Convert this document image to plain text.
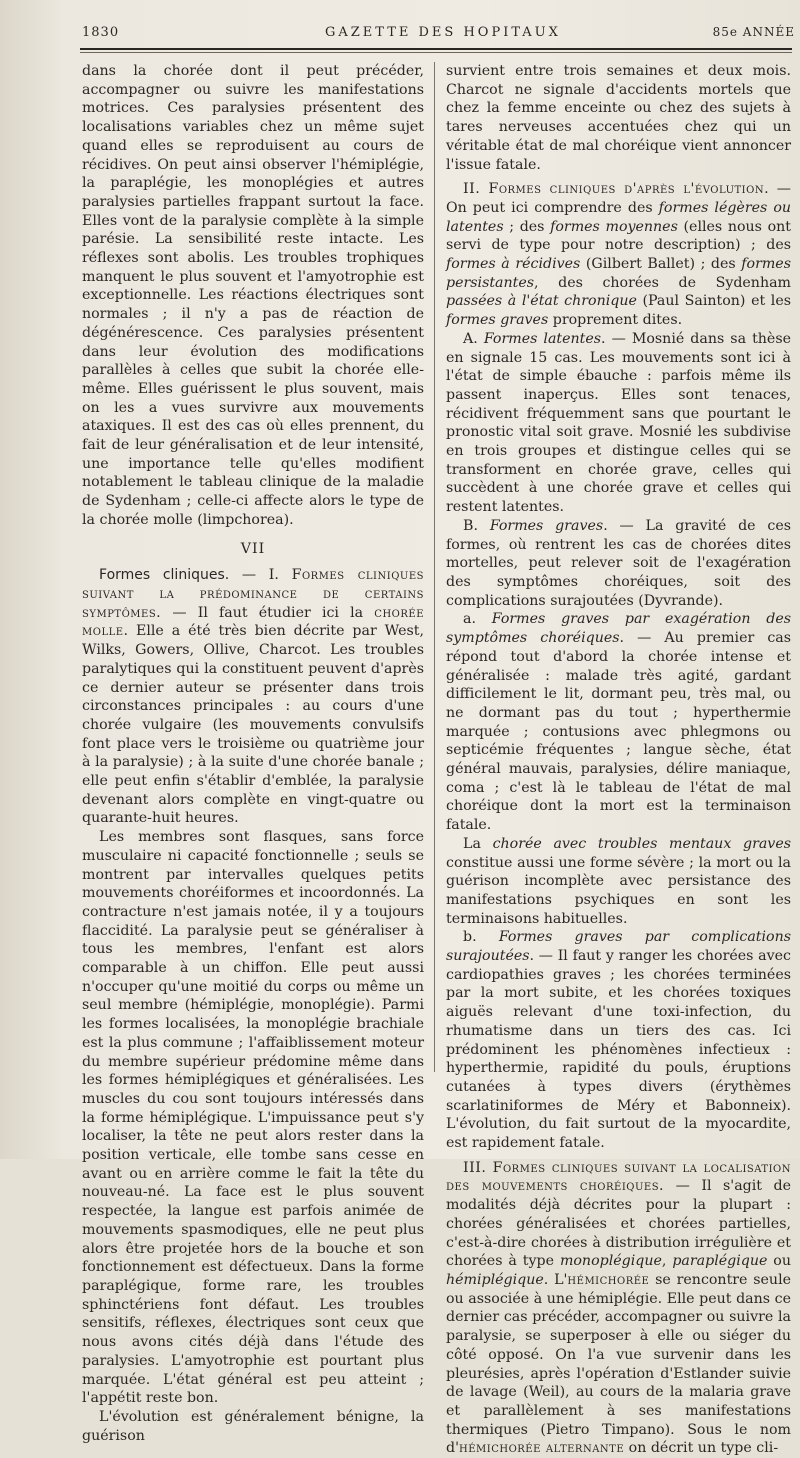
1830	GAZETTE DES HOPITAUX	85e ANNÉE

dans la chorée dont il peut précéder, accompagner ou suivre les manifestations motrices. Ces paralysies présentent des localisations variables chez un même sujet quand elles se reproduisent au cours de récidives. On peut ainsi observer l'hémiplégie, la paraplégie, les monoplégies et autres paralysies partielles frappant surtout la face. Elles vont de la paralysie complète à la simple parésie. La sensibilité reste intacte. Les réflexes sont abolis. Les troubles trophiques manquent le plus souvent et l'amyotrophie est exceptionnelle. Les réactions électriques sont normales ; il n'y a pas de réaction de dégénérescence. Ces paralysies présentent dans leur évolution des modifications parallèles à celles que subit la chorée elle-même. Elles guérissent le plus souvent, mais on les a vues survivre aux mouvements ataxiques. Il est des cas où elles prennent, du fait de leur généralisation et de leur intensité, une importance telle qu'elles modifient notablement le tableau clinique de la maladie de Sydenham ; celle-ci affecte alors le type de la chorée molle (limpchorea).

VII

Formes cliniques. — I. Formes cliniques suivant la prédominance de certains symptômes. — Il faut étudier ici la chorée molle. Elle a été très bien décrite par West, Wilks, Gowers, Ollive, Charcot. Les troubles paralytiques qui la constituent peuvent d'après ce dernier auteur se présenter dans trois circonstances principales : au cours d'une chorée vulgaire (les mouvements convulsifs font place vers le troisième ou quatrième jour à la paralysie) ; à la suite d'une chorée banale ; elle peut enfin s'établir d'emblée, la paralysie devenant alors complète en vingt-quatre ou quarante-huit heures.

Les membres sont flasques, sans force musculaire ni capacité fonctionnelle ; seuls se montrent par intervalles quelques petits mouvements choréiformes et incoordonnés. La contracture n'est jamais notée, il y a toujours flaccidité. La paralysie peut se généraliser à tous les membres, l'enfant est alors comparable à un chiffon. Elle peut aussi n'occuper qu'une moitié du corps ou même un seul membre (hémiplégie, monoplégie). Parmi les formes localisées, la monoplégie brachiale est la plus commune ; l'affaiblissement moteur du membre supérieur prédomine même dans les formes hémiplégiques et généralisées. Les muscles du cou sont toujours intéressés dans la forme hémiplégique. L'impuissance peut s'y localiser, la tête ne peut alors rester dans la position verticale, elle tombe sans cesse en avant ou en arrière comme le fait la tête du nouveau-né. La face est le plus souvent respectée, la langue est parfois animée de mouvements spasmodiques, elle ne peut plus alors être projetée hors de la bouche et son fonctionnement est défectueux. Dans la forme paraplégique, forme rare, les troubles sphinctériens font défaut. Les troubles sensitifs, réflexes, électriques sont ceux que nous avons cités déjà dans l'étude des paralysies. L'amyotrophie est pourtant plus marquée. L'état général est peu atteint ; l'appétit reste bon.

L'évolution est généralement bénigne, la guérison

survient entre trois semaines et deux mois. Charcot ne signale d'accidents mortels que chez la femme enceinte ou chez des sujets à tares nerveuses accentuées chez qui un véritable état de mal choréique vient annoncer l'issue fatale.

II. Formes cliniques d'après l'évolution. — On peut ici comprendre des formes légères ou latentes ; des formes moyennes (elles nous ont servi de type pour notre description) ; des formes à récidives (Gilbert Ballet) ; des formes persistantes, des chorées de Sydenham passées à l'état chronique (Paul Sainton) et les formes graves proprement dites.

A. Formes latentes. — Mosnié dans sa thèse en signale 15 cas. Les mouvements sont ici à l'état de simple ébauche : parfois même ils passent inaperçus. Elles sont tenaces, récidivent fréquemment sans que pourtant le pronostic vital soit grave. Mosnié les subdivise en trois groupes et distingue celles qui se transforment en chorée grave, celles qui succèdent à une chorée grave et celles qui restent latentes.

B. Formes graves. — La gravité de ces formes, où rentrent les cas de chorées dites mortelles, peut relever soit de l'exagération des symptômes choréiques, soit des complications surajoutées (Dyvrande).

a. Formes graves par exagération des symptômes choréiques. — Au premier cas répond tout d'abord la chorée intense et généralisée : malade très agité, gardant difficilement le lit, dormant peu, très mal, ou ne dormant pas du tout ; hyperthermie marquée ; contusions avec phlegmons ou septicémie fréquentes ; langue sèche, état général mauvais, paralysies, délire maniaque, coma ; c'est là le tableau de l'état de mal choréique dont la mort est la terminaison fatale.

La chorée avec troubles mentaux graves constitue aussi une forme sévère ; la mort ou la guérison incomplète avec persistance des manifestations psychiques en sont les terminaisons habituelles.

b. Formes graves par complications surajoutées. — Il faut y ranger les chorées avec cardiopathies graves ; les chorées terminées par la mort subite, et les chorées toxiques aiguës relevant d'une toxi-infection, du rhumatisme dans un tiers des cas. Ici prédominent les phénomènes infectieux : hyperthermie, rapidité du pouls, éruptions cutanées à types divers (érythèmes scarlatiniformes de Méry et Babonneix). L'évolution, du fait surtout de la myocardite, est rapidement fatale.

III. Formes cliniques suivant la localisation des mouvements choréiques. — Il s'agit de modalités déjà décrites pour la plupart : chorées généralisées et chorées partielles, c'est-à-dire chorées à distribution irrégulière et chorées à type monoplégique, paraplégique ou hémiplégique. L'hémichorée se rencontre seule ou associée à une hémiplégie. Elle peut dans ce dernier cas précéder, accompagner ou suivre la paralysie, se superposer à elle ou siéger du côté opposé. On l'a vue survenir dans les pleurésies, après l'opération d'Estlander suivie de lavage (Weil), au cours de la malaria grave et parallèlement à ses manifestations thermiques (Pietro Timpano). Sous le nom d'hémichorée alternante on décrit un type cli-
